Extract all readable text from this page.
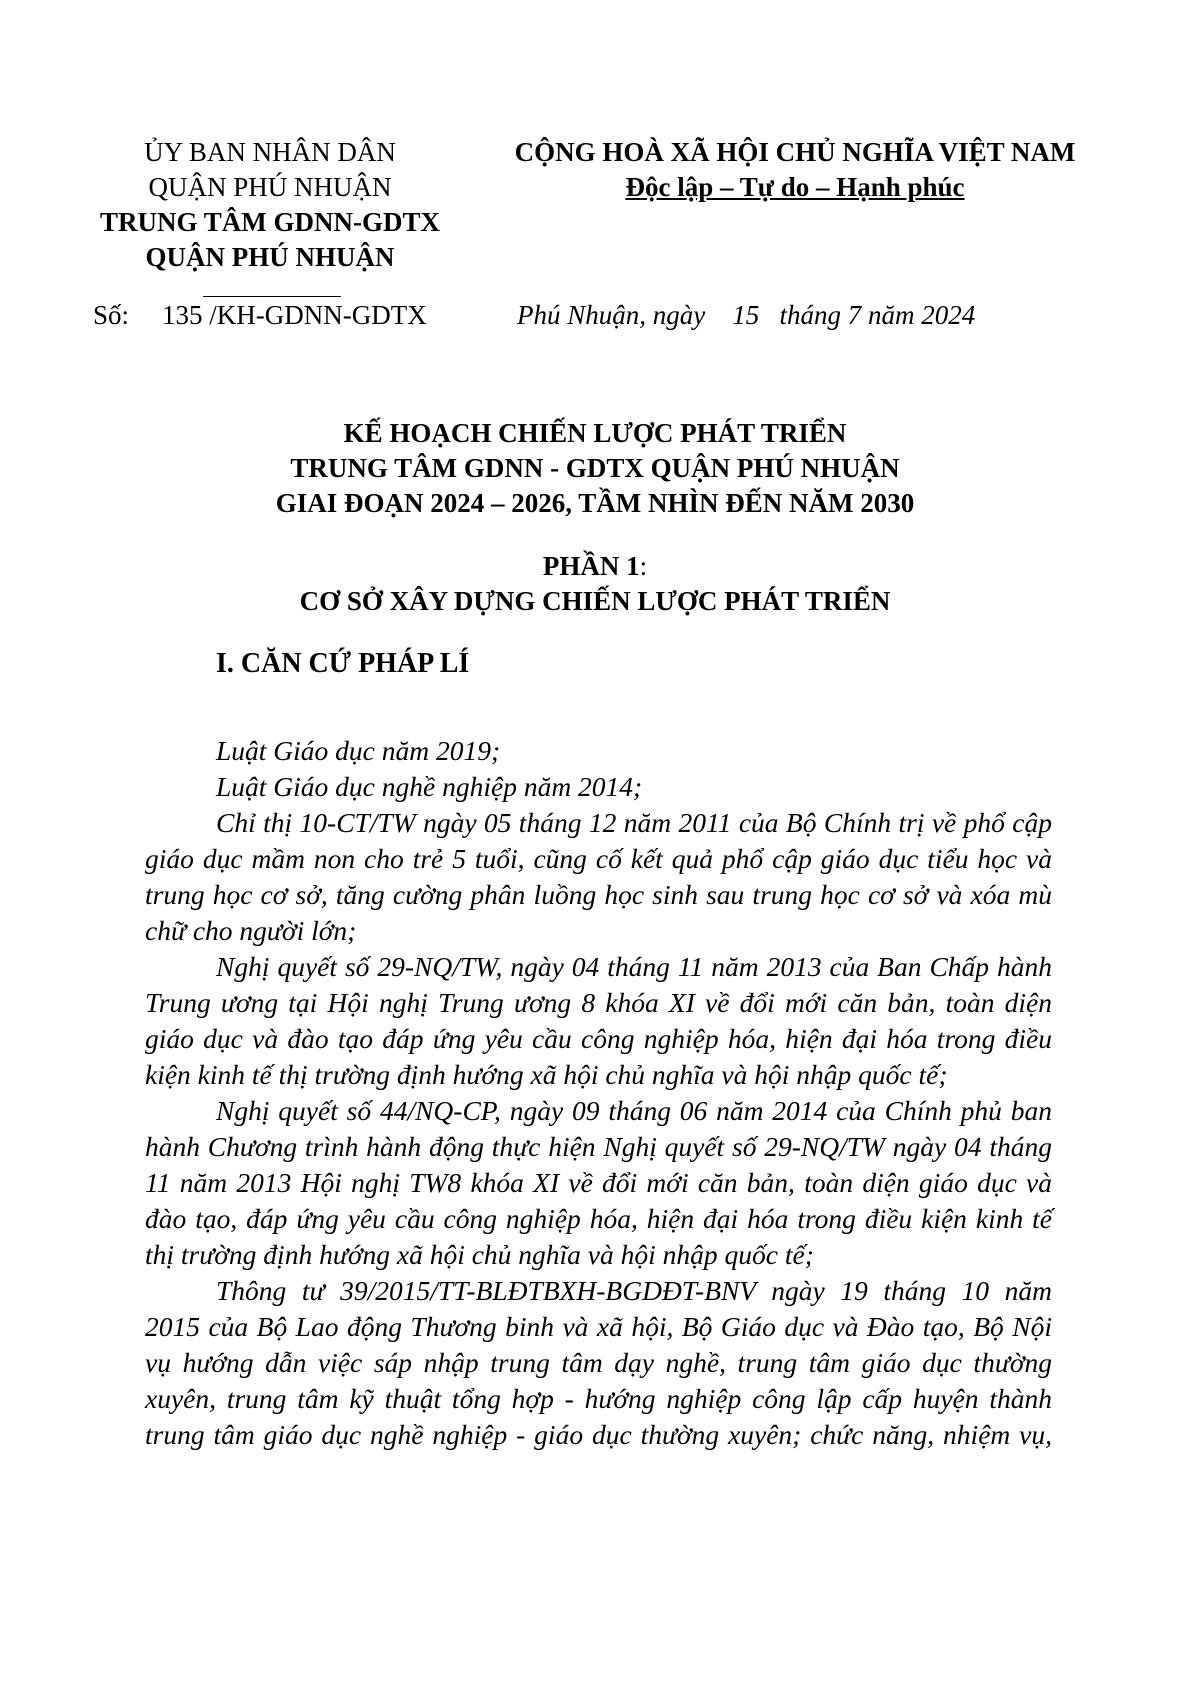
ỦY BAN NHÂN DÂN
QUẬN PHÚ NHUẬN
TRUNG TÂM GDNN-GDTX
QUẬN PHÚ NHUẬN
CỘNG HOÀ XÃ HỘI CHỦ NGHĨA VIỆT NAM
Độc lập – Tự do – Hạnh phúc
Số: 135 /KH-GDNN-GDTX	Phú Nhuận, ngày    15   tháng 7 năm 2024
KẾ HOẠCH CHIẾN LƯỢC PHÁT TRIỂN
TRUNG TÂM GDNN - GDTX QUẬN PHÚ NHUẬN
GIAI ĐOẠN 2024 – 2026, TẦM NHÌN ĐẾN NĂM 2030
PHẦN 1:
CƠ SỞ XÂY DỰNG CHIẾN LƯỢC PHÁT TRIỂN
I. CĂN CỨ PHÁP LÍ

Luật Giáo dục năm 2019;

Luật Giáo dục nghề nghiệp năm 2014;

Chỉ thị 10-CT/TW ngày 05 tháng 12 năm 2011 của Bộ Chính trị về phổ cập
giáo dục mầm non cho trẻ 5 tuổi, cũng cố kết quả phổ cập giáo dục tiểu học và
trung học cơ sở, tăng cường phân luồng học sinh sau trung học cơ sở và xóa mù
chữ cho người lớn;

Nghị quyết số 29-NQ/TW, ngày 04 tháng 11 năm 2013 của Ban Chấp hành
Trung ương tại Hội nghị Trung ương 8 khóa XI về đổi mới căn bản, toàn diện
giáo dục và đào tạo đáp ứng yêu cầu công nghiệp hóa, hiện đại hóa trong điều
kiện kinh tế thị trường định hướng xã hội chủ nghĩa và hội nhập quốc tế;

Nghị quyết số 44/NQ-CP, ngày 09 tháng 06 năm 2014 của Chính phủ ban
hành Chương trình hành động thực hiện Nghị quyết số 29-NQ/TW ngày 04 tháng
11 năm 2013 Hội nghị TW8 khóa XI về đổi mới căn bản, toàn diện giáo dục và
đào tạo, đáp ứng yêu cầu công nghiệp hóa, hiện đại hóa trong điều kiện kinh tế
thị trường định hướng xã hội chủ nghĩa và hội nhập quốc tế;

Thông tư 39/2015/TT-BLĐTBXH-BGDĐT-BNV ngày 19 tháng 10 năm
2015 của Bộ Lao động Thương binh và xã hội, Bộ Giáo dục và Đào tạo, Bộ Nội
vụ hướng dẫn việc sáp nhập trung tâm dạy nghề, trung tâm giáo dục thường
xuyên, trung tâm kỹ thuật tổng hợp - hướng nghiệp công lập cấp huyện thành
trung tâm giáo dục nghề nghiệp - giáo dục thường xuyên; chức năng, nhiệm vụ,
